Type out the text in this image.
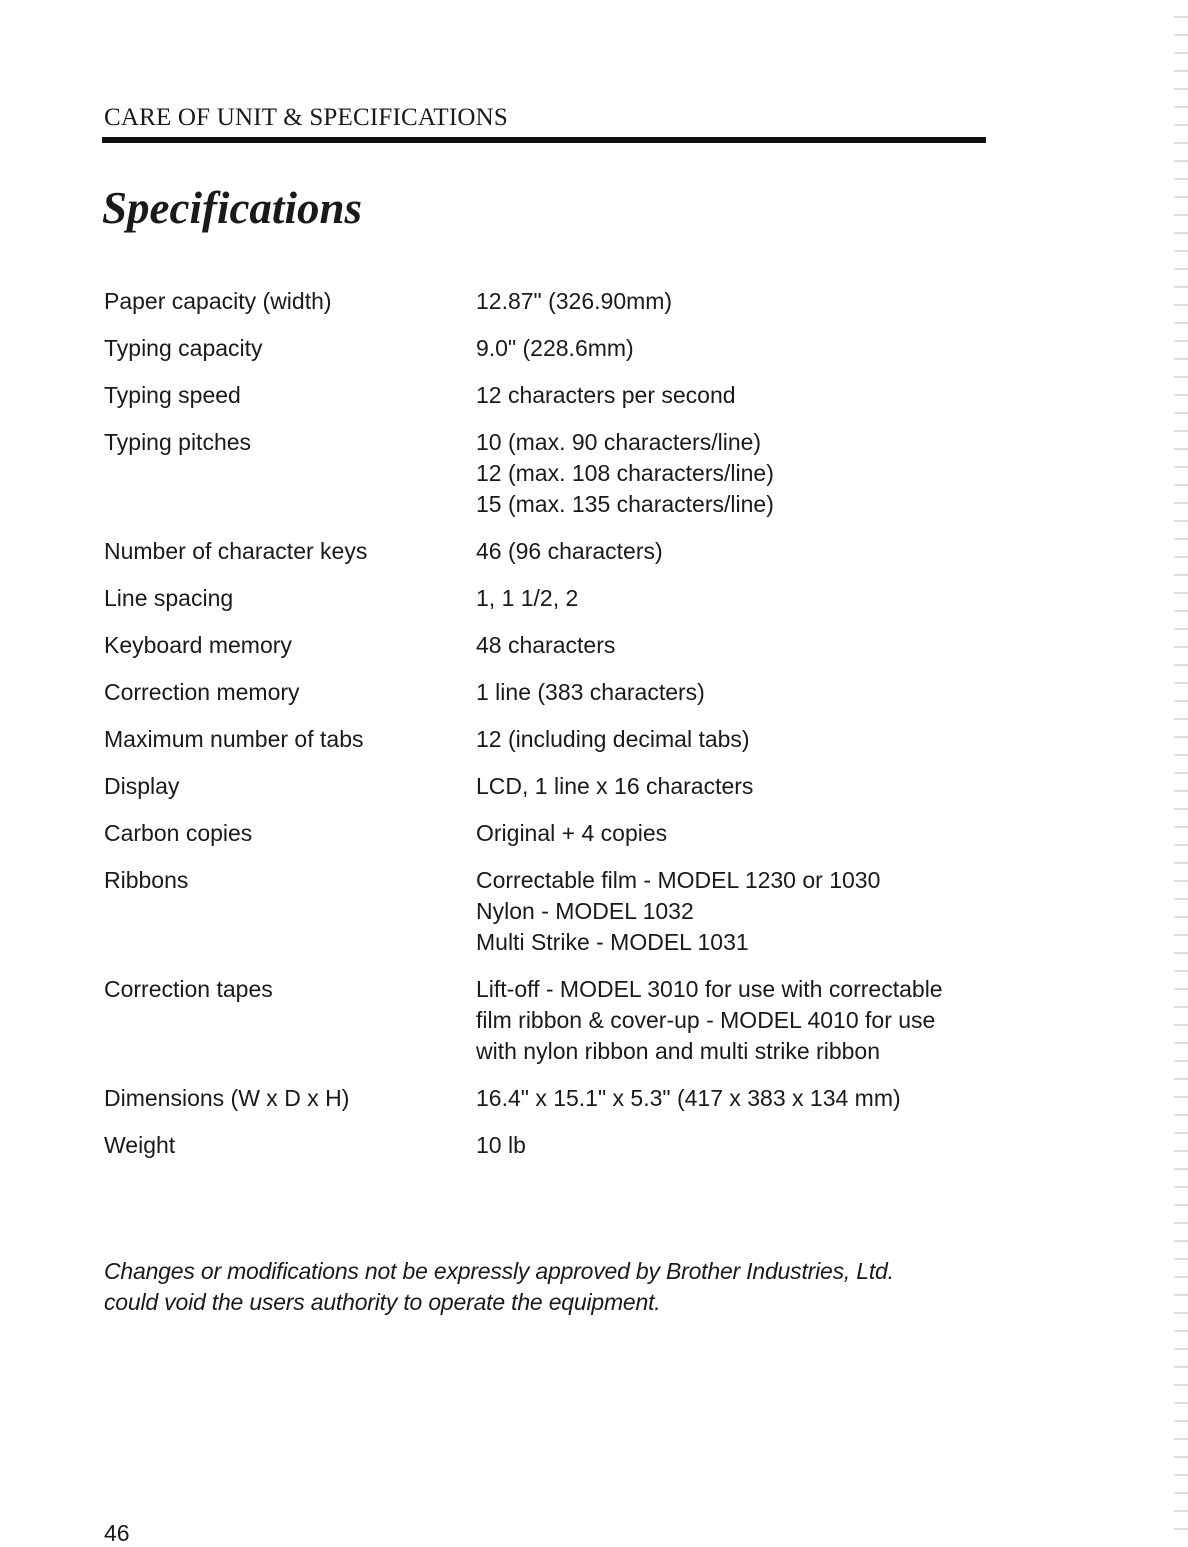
CARE OF UNIT & SPECIFICATIONS
Specifications
Paper capacity (width)	12.87" (326.90mm)
Typing capacity	9.0" (228.6mm)
Typing speed	12 characters per second
Typing pitches	10 (max. 90 characters/line)
12 (max. 108 characters/line)
15 (max. 135 characters/line)
Number of character keys	46 (96 characters)
Line spacing	1, 1 1/2, 2
Keyboard memory	48 characters
Correction memory	1 line (383 characters)
Maximum number of tabs	12 (including decimal tabs)
Display	LCD, 1 line x 16 characters
Carbon copies	Original + 4 copies
Ribbons	Correctable film - MODEL 1230 or 1030
Nylon - MODEL 1032
Multi Strike - MODEL 1031
Correction tapes	Lift-off - MODEL 3010 for use with correctable
film ribbon & cover-up - MODEL 4010 for use
with nylon ribbon and multi strike ribbon
Dimensions (W x D x H)	16.4" x 15.1" x 5.3" (417 x 383 x 134 mm)
Weight	10 lb
Changes or modifications not be expressly approved by Brother Industries, Ltd.
could void the users authority to operate the equipment.
46
